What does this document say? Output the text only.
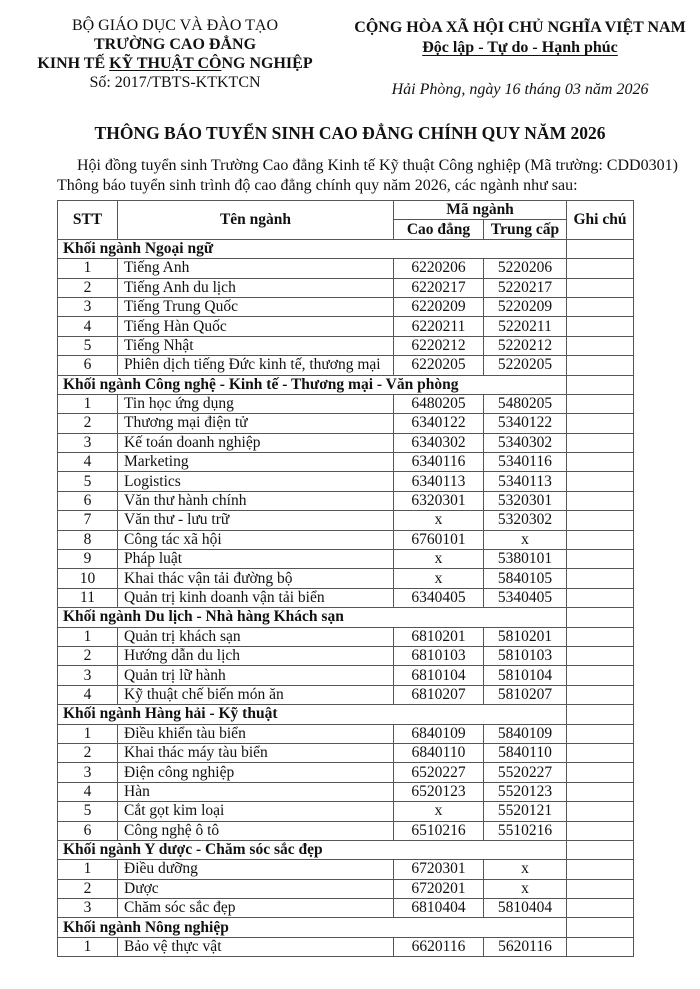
BỘ GIÁO DỤC VÀ ĐÀO TẠO
TRƯỜNG CAO ĐẲNG
KINH TẾ KỸ THUẬT CÔNG NGHIỆP
Số: 2017/TBTS-KTKTCN
CỘNG HÒA XÃ HỘI CHỦ NGHĨA VIỆT NAM
Độc lập - Tự do - Hạnh phúc
Hải Phòng, ngày 16 tháng 03 năm 2026
THÔNG BÁO TUYỂN SINH CAO ĐẲNG CHÍNH QUY NĂM 2026
Hội đồng tuyển sinh Trường Cao đẳng Kinh tế Kỹ thuật Công nghiệp (Mã trường: CDD0301)
Thông báo tuyển sinh trình độ cao đẳng chính quy năm 2026, các ngành như sau:
STT	Tên ngành	Mã ngành		Ghi chú
		Cao đẳng	Trung cấp	
Khối ngành Ngoại ngữ				
1	Tiếng Anh	6220206	5220206	
2	Tiếng Anh du lịch	6220217	5220217	
3	Tiếng Trung Quốc	6220209	5220209	
4	Tiếng Hàn Quốc	6220211	5220211	
5	Tiếng Nhật	6220212	5220212	
6	Phiên dịch tiếng Đức kinh tế, thương mại	6220205	5220205	
Khối ngành Công nghệ - Kinh tế - Thương mại - Văn phòng				
1	Tin học ứng dụng	6480205	5480205	
2	Thương mại điện tử	6340122	5340122	
3	Kế toán doanh nghiệp	6340302	5340302	
4	Marketing	6340116	5340116	
5	Logistics	6340113	5340113	
6	Văn thư hành chính	6320301	5320301	
7	Văn thư - lưu trữ	x	5320302	
8	Công tác xã hội	6760101	x	
9	Pháp luật	x	5380101	
10	Khai thác vận tải đường bộ	x	5840105	
11	Quản trị kinh doanh vận tải biển	6340405	5340405	
Khối ngành Du lịch - Nhà hàng Khách sạn				
1	Quản trị khách sạn	6810201	5810201	
2	Hướng dẫn du lịch	6810103	5810103	
3	Quản trị lữ hành	6810104	5810104	
4	Kỹ thuật chế biến món ăn	6810207	5810207	
Khối ngành Hàng hải - Kỹ thuật				
1	Điều khiển tàu biển	6840109	5840109	
2	Khai thác máy tàu biển	6840110	5840110	
3	Điện công nghiệp	6520227	5520227	
4	Hàn	6520123	5520123	
5	Cắt gọt kim loại	x	5520121	
6	Công nghệ ô tô	6510216	5510216	
Khối ngành Y dược - Chăm sóc sắc đẹp				
1	Điều dưỡng	6720301	x	
2	Dược	6720201	x	
3	Chăm sóc sắc đẹp	6810404	5810404	
Khối ngành Nông nghiệp				
1	Bảo vệ thực vật	6620116	5620116	
